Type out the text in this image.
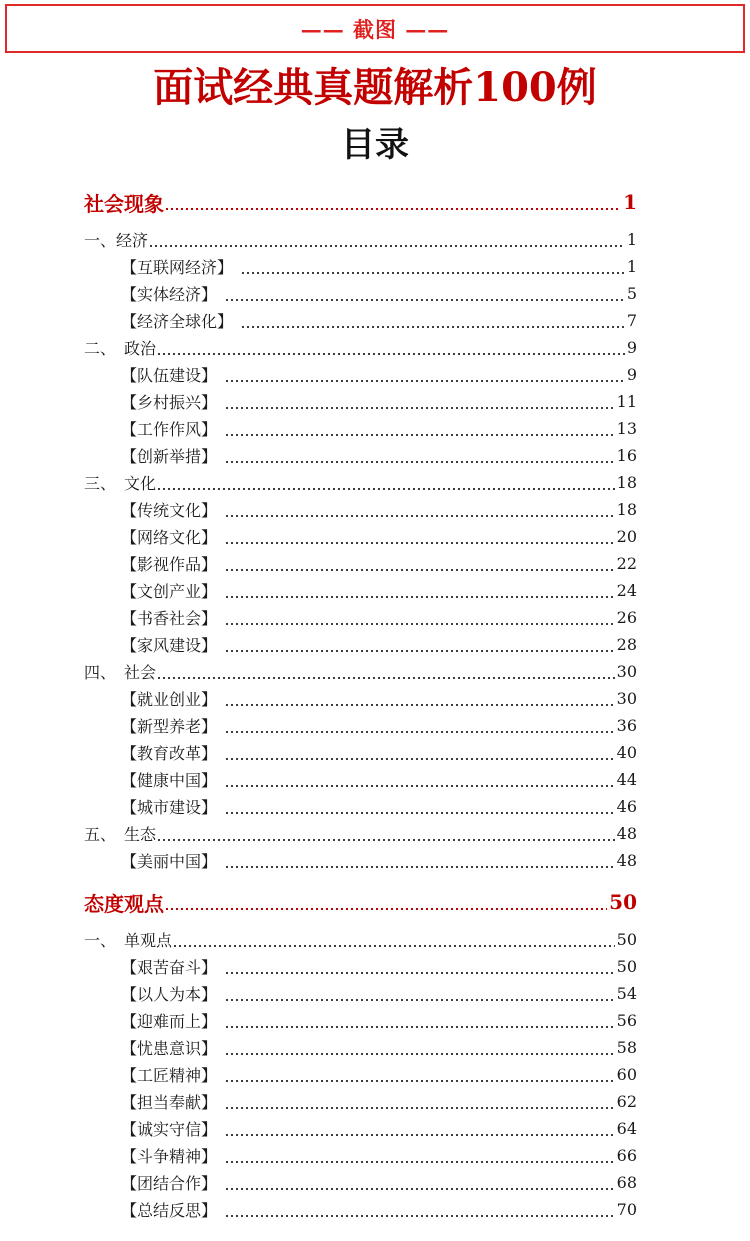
—— 截图 ——
面试经典真题解析100例
目录
社会现象	1
一、经济	1
【互联网经济】	1
【实体经济】	5
【经济全球化】	7
二、　政治	9
【队伍建设】	9
【乡村振兴】	11
【工作作风】	13
【创新举措】	16
三、　文化	18
【传统文化】	18
【网络文化】	20
【影视作品】	22
【文创产业】	24
【书香社会】	26
【家风建设】	28
四、　社会	30
【就业创业】	30
【新型养老】	36
【教育改革】	40
【健康中国】	44
【城市建设】	46
五、　生态	48
【美丽中国】	48
态度观点	50
一、　单观点	50
【艰苦奋斗】	50
【以人为本】	54
【迎难而上】	56
【忧患意识】	58
【工匠精神】	60
【担当奉献】	62
【诚实守信】	64
【斗争精神】	66
【团结合作】	68
【总结反思】	70
